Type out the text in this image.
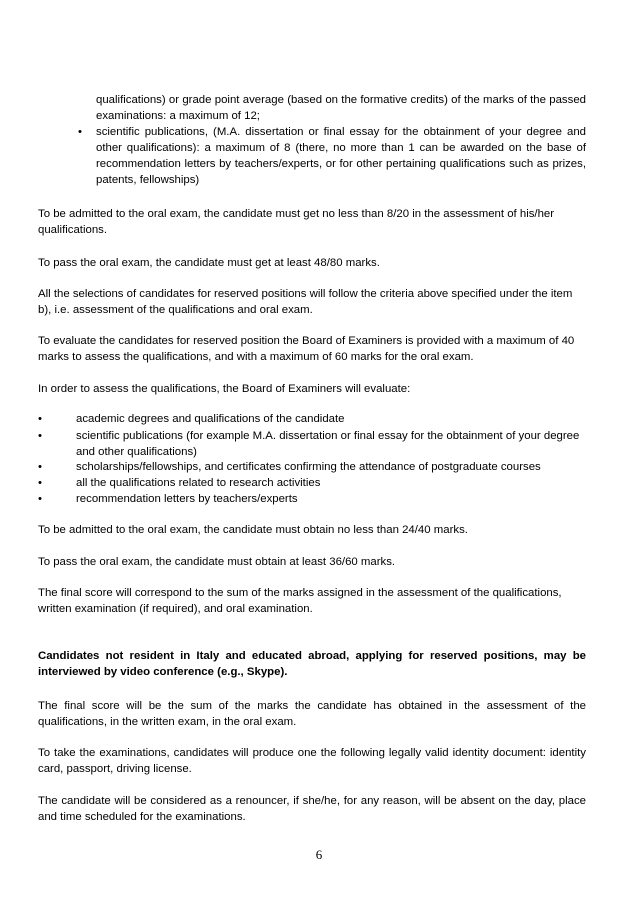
qualifications) or grade point average (based on the formative credits) of the marks of the passed examinations: a maximum of 12;

• scientific publications, (M.A. dissertation or final essay for the obtainment of your degree and other qualifications): a maximum of 8 (there, no more than 1 can be awarded on the base of recommendation letters by teachers/experts, or for other pertaining qualifications such as prizes, patents, fellowships)

To be admitted to the oral exam, the candidate must get no less than 8/20 in the assessment of his/her qualifications.

To pass the oral exam, the candidate must get at least 48/80 marks.

All the selections of candidates for reserved positions will follow the criteria above specified under the item b), i.e. assessment of the qualifications and oral exam.

To evaluate the candidates for reserved position the Board of Examiners is provided with a maximum of 40 marks to assess the qualifications, and with a maximum of 60 marks for the oral exam.

In order to assess the qualifications, the Board of Examiners will evaluate:

•	academic degrees and qualifications of the candidate

•	scientific publications (for example M.A. dissertation or final essay for the obtainment of your degree and other qualifications)

•	scholarships/fellowships, and certificates confirming the attendance of postgraduate courses

•	all the qualifications related to research activities

•	recommendation letters by teachers/experts

To be admitted to the oral exam, the candidate must obtain no less than 24/40 marks.

To pass the oral exam, the candidate must obtain at least 36/60 marks.

The final score will correspond to the sum of the marks assigned in the assessment of the qualifications, written examination (if required), and oral examination.

Candidates not resident in Italy and educated abroad, applying for reserved positions, may be interviewed by video conference (e.g., Skype).

The final score will be the sum of the marks the candidate has obtained in the assessment of the qualifications, in the written exam, in the oral exam.

To take the examinations, candidates will produce one the following legally valid identity document: identity card, passport, driving license.

The candidate will be considered as a renouncer, if she/he, for any reason, will be absent on the day, place and time scheduled for the examinations.

6
